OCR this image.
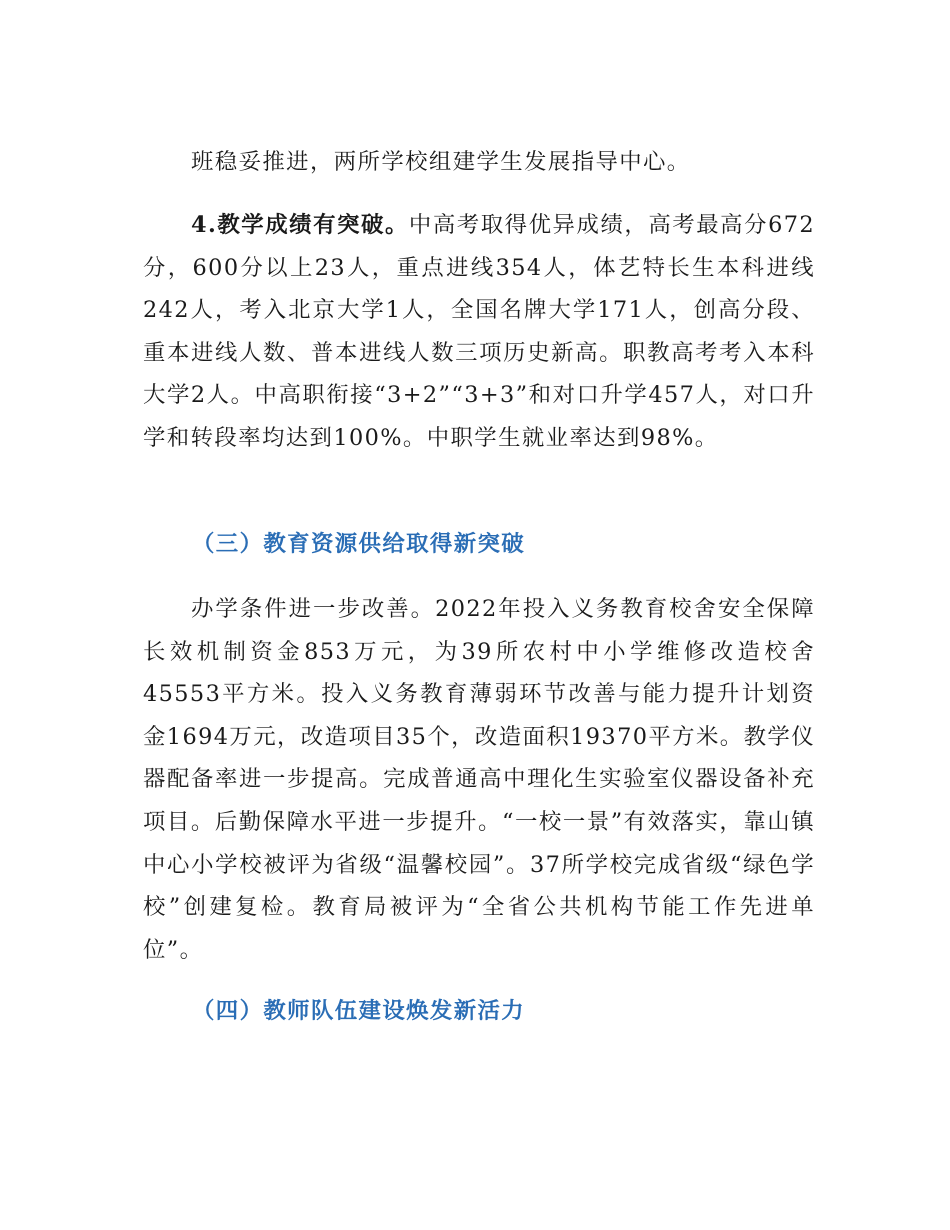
班稳妥推进，两所学校组建学生发展指导中心。

4.教学成绩有突破。中高考取得优异成绩，高考最高分672分，600分以上23人，重点进线354人，体艺特长生本科进线242人，考入北京大学1人，全国名牌大学171人，创高分段、重本进线人数、普本进线人数三项历史新高。职教高考考入本科大学2人。中高职衔接“3+2”“3+3”和对口升学457人，对口升学和转段率均达到100%。中职学生就业率达到98%。

（三）教育资源供给取得新突破

办学条件进一步改善。2022年投入义务教育校舍安全保障长效机制资金853万元，为39所农村中小学维修改造校舍45553平方米。投入义务教育薄弱环节改善与能力提升计划资金1694万元，改造项目35个，改造面积19370平方米。教学仪器配备率进一步提高。完成普通高中理化生实验室仪器设备补充项目。后勤保障水平进一步提升。“一校一景”有效落实，靠山镇中心小学校被评为省级“温馨校园”。37所学校完成省级“绿色学校”创建复检。教育局被评为“全省公共机构节能工作先进单位”。

（四）教师队伍建设焕发新活力
